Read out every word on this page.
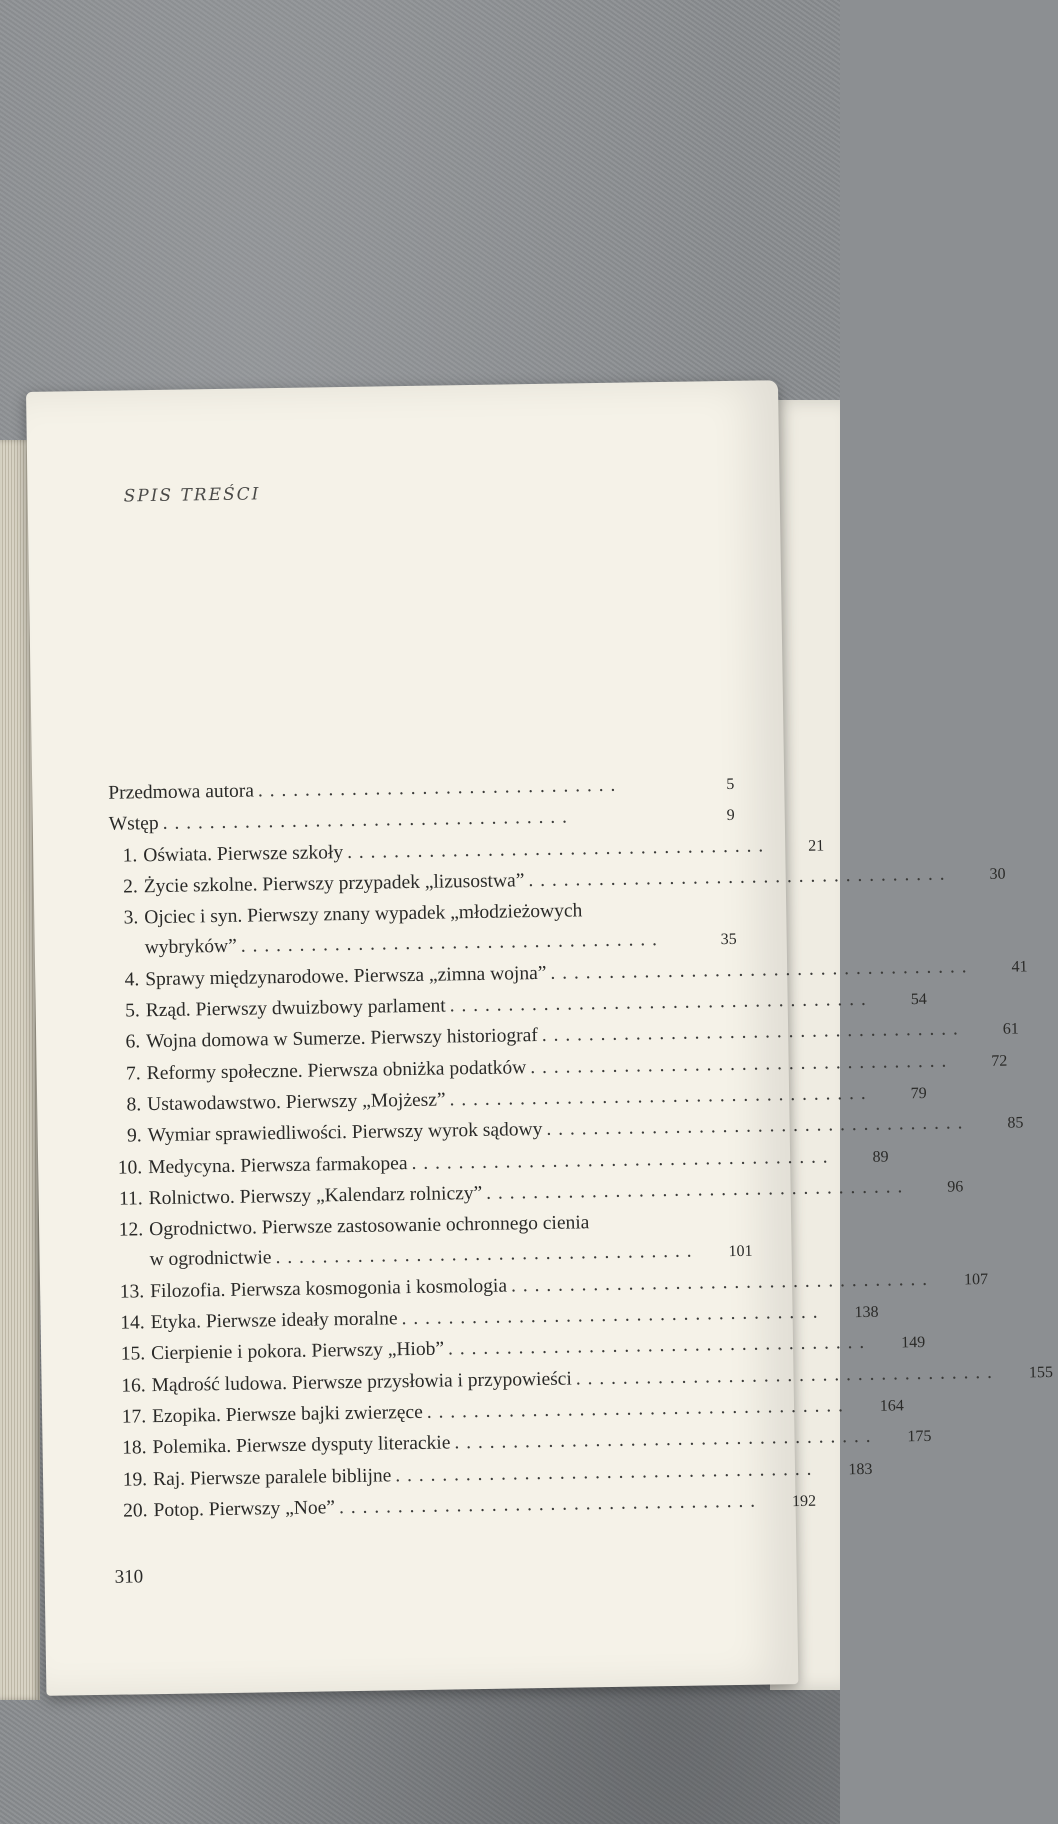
SPIS TREŚCI
Przedmowa autora . . . . . . . . . . . . . . . . . . . . . . . . . . . . . . .	5
Wstęp . . . . . . . . . . . . . . . . . . . . . . . . . . . . . . . . . . .	9
1. Oświata. Pierwsze szkoły . . . . . . . . . . . . . . . . . . . . . . . . . . . . . . . . . . . .	21
2. Życie szkolne. Pierwszy przypadek „lizusostwa” . . . . . . . . . . . . . . . . . . . . . . . . . . . . . . . . . . . .	30
3. Ojciec i syn. Pierwszy znany wypadek „młodzieżowych
wybryków” . . . . . . . . . . . . . . . . . . . . . . . . . . . . . . . . . . . .	35
4. Sprawy międzynarodowe. Pierwsza „zimna wojna” . . . . . . . . . . . . . . . . . . . . . . . . . . . . . . . . . . . .	41
5. Rząd. Pierwszy dwuizbowy parlament . . . . . . . . . . . . . . . . . . . . . . . . . . . . . . . . . . . .	54
6. Wojna domowa w Sumerze. Pierwszy historiograf . . . . . . . . . . . . . . . . . . . . . . . . . . . . . . . . . . . .	61
7. Reformy społeczne. Pierwsza obniżka podatków . . . . . . . . . . . . . . . . . . . . . . . . . . . . . . . . . . . .	72
8. Ustawodawstwo. Pierwszy „Mojżesz” . . . . . . . . . . . . . . . . . . . . . . . . . . . . . . . . . . . .	79
9. Wymiar sprawiedliwości. Pierwszy wyrok sądowy . . . . . . . . . . . . . . . . . . . . . . . . . . . . . . . . . . . .	85
10. Medycyna. Pierwsza farmakopea . . . . . . . . . . . . . . . . . . . . . . . . . . . . . . . . . . . .	89
11. Rolnictwo. Pierwszy „Kalendarz rolniczy” . . . . . . . . . . . . . . . . . . . . . . . . . . . . . . . . . . . .	96
12. Ogrodnictwo. Pierwsze zastosowanie ochronnego cienia
w ogrodnictwie . . . . . . . . . . . . . . . . . . . . . . . . . . . . . . . . . . . .	101
13. Filozofia. Pierwsza kosmogonia i kosmologia . . . . . . . . . . . . . . . . . . . . . . . . . . . . . . . . . . . .	107
14. Etyka. Pierwsze ideały moralne . . . . . . . . . . . . . . . . . . . . . . . . . . . . . . . . . . . .	138
15. Cierpienie i pokora. Pierwszy „Hiob” . . . . . . . . . . . . . . . . . . . . . . . . . . . . . . . . . . . .	149
16. Mądrość ludowa. Pierwsze przysłowia i przypowieści . . . . . . . . . . . . . . . . . . . . . . . . . . . . . . . . . . . .	155
17. Ezopika. Pierwsze bajki zwierzęce . . . . . . . . . . . . . . . . . . . . . . . . . . . . . . . . . . . .	164
18. Polemika. Pierwsze dysputy literackie . . . . . . . . . . . . . . . . . . . . . . . . . . . . . . . . . . . .	175
19. Raj. Pierwsze paralele biblijne . . . . . . . . . . . . . . . . . . . . . . . . . . . . . . . . . . . .	183
20. Potop. Pierwszy „Noe” . . . . . . . . . . . . . . . . . . . . . . . . . . . . . . . . . . . .	192
310
